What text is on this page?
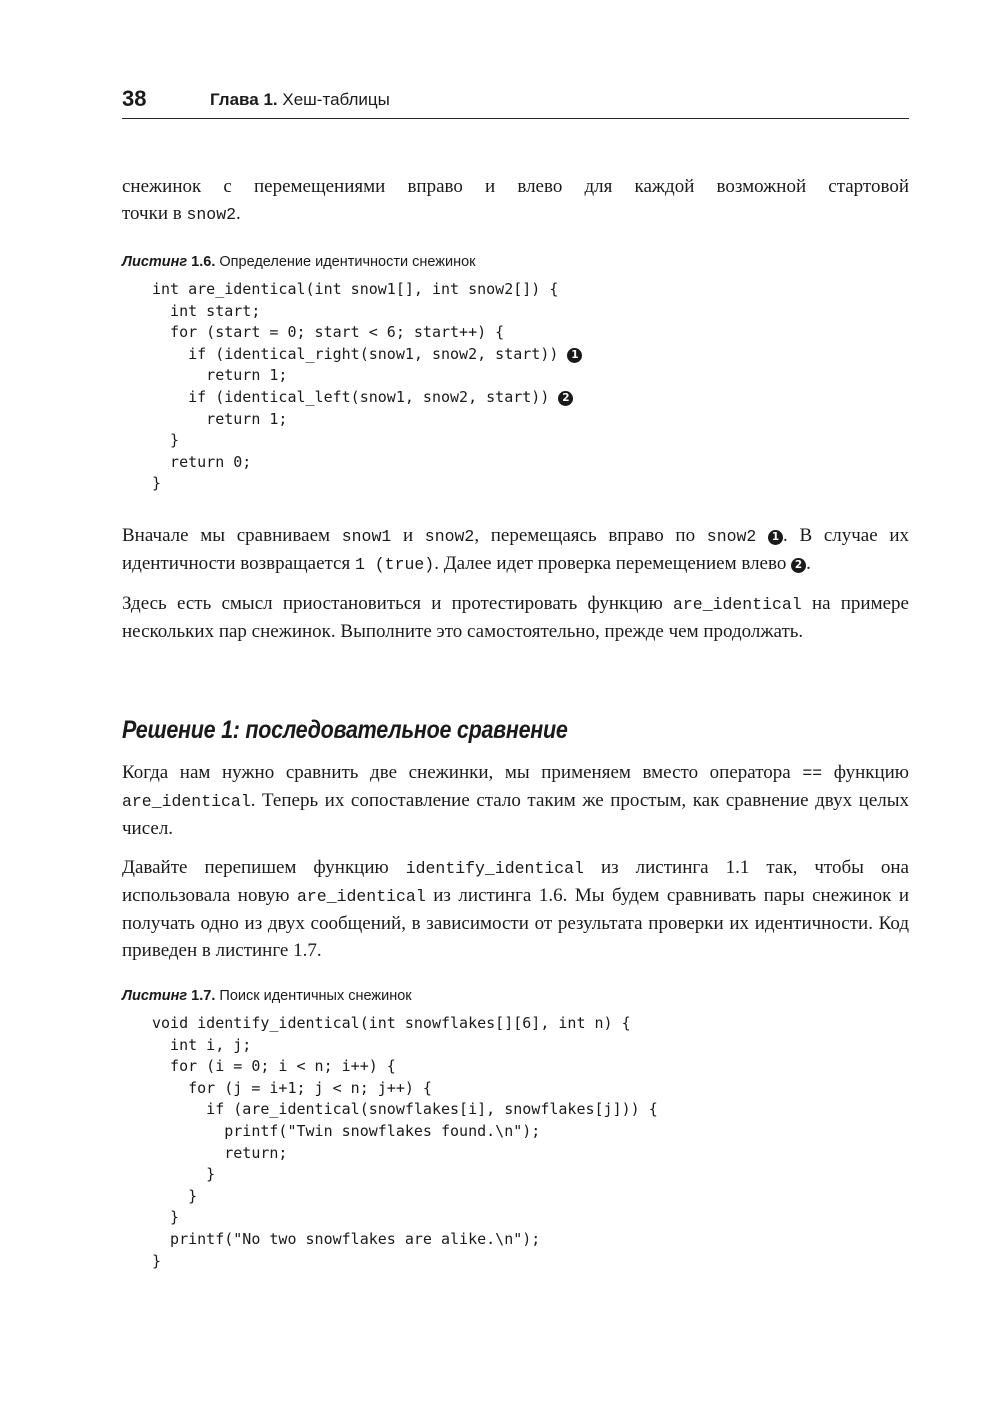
38	Глава 1. Хеш-таблицы

снежинок с перемещениями вправо и влево для каждой возможной стартовой
точки в snow2.

Листинг 1.6. Определение идентичности снежинок
int are_identical(int snow1[], int snow2[]) {
int start;
for (start = 0; start < 6; start++) {
if (identical_right(snow1, snow2, start)) 1
return 1;
if (identical_left(snow1, snow2, start)) 2
return 1;
}
return 0;
}

Вначале мы сравниваем snow1 и snow2, перемещаясь вправо по snow2 1 . В случае их идентичности возвращается 1 (true). Далее идет проверка перемещением влево 2 .

Здесь есть смысл приостановиться и протестировать функцию are_identical на примере нескольких пар снежинок. Выполните это самостоятельно, прежде чем продолжать.

Решение 1: последовательное сравнение

Когда нам нужно сравнить две снежинки, мы применяем вместо оператора == функцию are_identical. Теперь их сопоставление стало таким же простым, как сравнение двух целых чисел.

Давайте перепишем функцию identify_identical из листинга 1.1 так, чтобы она использовала новую are_identical из листинга 1.6. Мы будем сравнивать пары снежинок и получать одно из двух сообщений, в зависимости от результата проверки их идентичности. Код приведен в листинге 1.7.

Листинг 1.7. Поиск идентичных снежинок
void identify_identical(int snowflakes[][6], int n) {
int i, j;
for (i = 0; i < n; i++) {
for (j = i+1; j < n; j++) {
if (are_identical(snowflakes[i], snowflakes[j])) {
printf("Twin snowflakes found.\n");
return;
}
}
}
printf("No two snowflakes are alike.\n");
}
